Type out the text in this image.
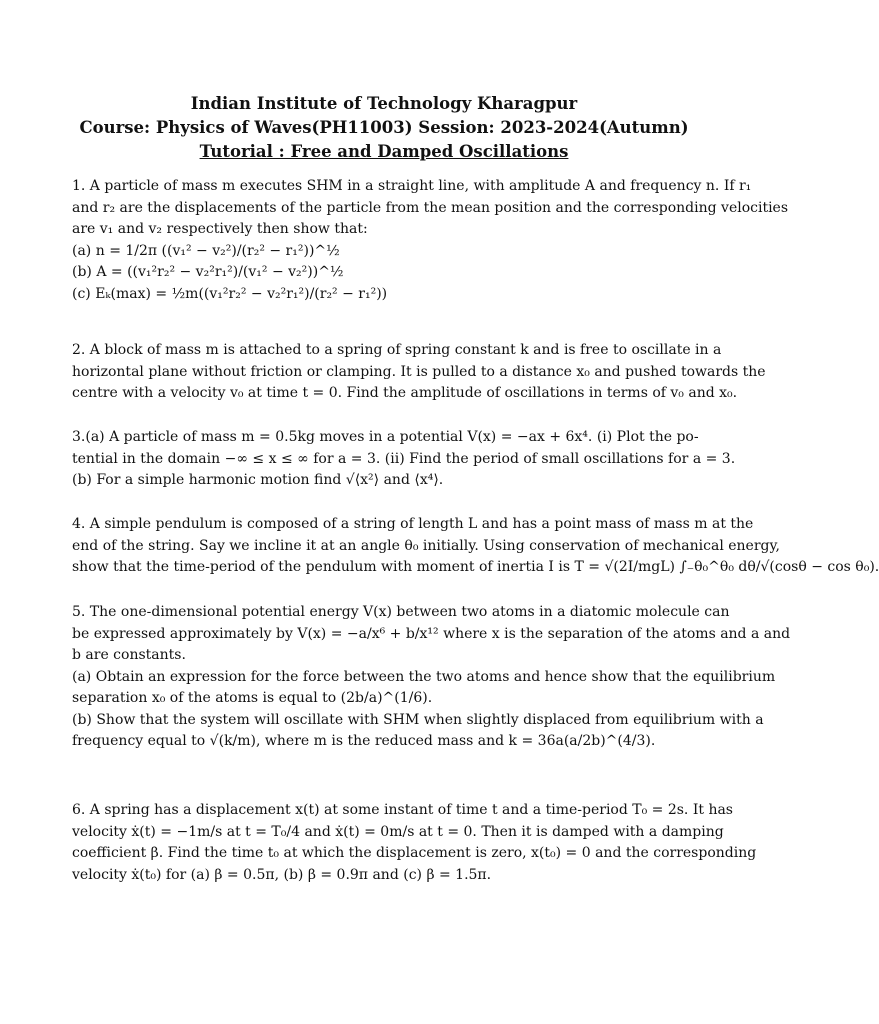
Indian Institute of Technology Kharagpur
Course: Physics of Waves(PH11003) Session: 2023-2024(Autumn)
Tutorial : Free and Damped Oscillations
1. A particle of mass m executes SHM in a straight line, with amplitude A and frequency n. If r₁
and r₂ are the displacements of the particle from the mean position and the corresponding velocities
are v₁ and v₂ respectively then show that:
(a) n = 1/2π ((v₁² − v₂²)/(r₂² − r₁²))^½
(b) A = ((v₁²r₂² − v₂²r₁²)/(v₁² − v₂²))^½
(c) Eₖ(max) = ½m((v₁²r₂² − v₂²r₁²)/(r₂² − r₁²))
2. A block of mass m is attached to a spring of spring constant k and is free to oscillate in a
horizontal plane without friction or clamping. It is pulled to a distance x₀ and pushed towards the
centre with a velocity v₀ at time t = 0. Find the amplitude of oscillations in terms of v₀ and x₀.
3.(a) A particle of mass m = 0.5kg moves in a potential V(x) = −ax + 6x⁴. (i) Plot the po-
tential in the domain −∞ ≤ x ≤ ∞ for a = 3. (ii) Find the period of small oscillations for a = 3.
(b) For a simple harmonic motion find √⟨x²⟩ and ⟨x⁴⟩.
4. A simple pendulum is composed of a string of length L and has a point mass of mass m at the
end of the string. Say we incline it at an angle θ₀ initially. Using conservation of mechanical energy,
show that the time-period of the pendulum with moment of inertia I is T = √(2I/mgL) ∫₋θ₀^θ₀ dθ/√(cosθ − cos θ₀).
5. The one-dimensional potential energy V(x) between two atoms in a diatomic molecule can
be expressed approximately by V(x) = −a/x⁶ + b/x¹² where x is the separation of the atoms and a and
b are constants.
(a) Obtain an expression for the force between the two atoms and hence show that the equilibrium
separation x₀ of the atoms is equal to (2b/a)^(1/6).
(b) Show that the system will oscillate with SHM when slightly displaced from equilibrium with a
frequency equal to √(k/m), where m is the reduced mass and k = 36a(a/2b)^(4/3).
6. A spring has a displacement x(t) at some instant of time t and a time-period T₀ = 2s. It has
velocity ẋ(t) = −1m/s at t = T₀/4 and ẋ(t) = 0m/s at t = 0. Then it is damped with a damping
coefficient β. Find the time t₀ at which the displacement is zero, x(t₀) = 0 and the corresponding
velocity ẋ(t₀) for (a) β = 0.5π, (b) β = 0.9π and (c) β = 1.5π.
